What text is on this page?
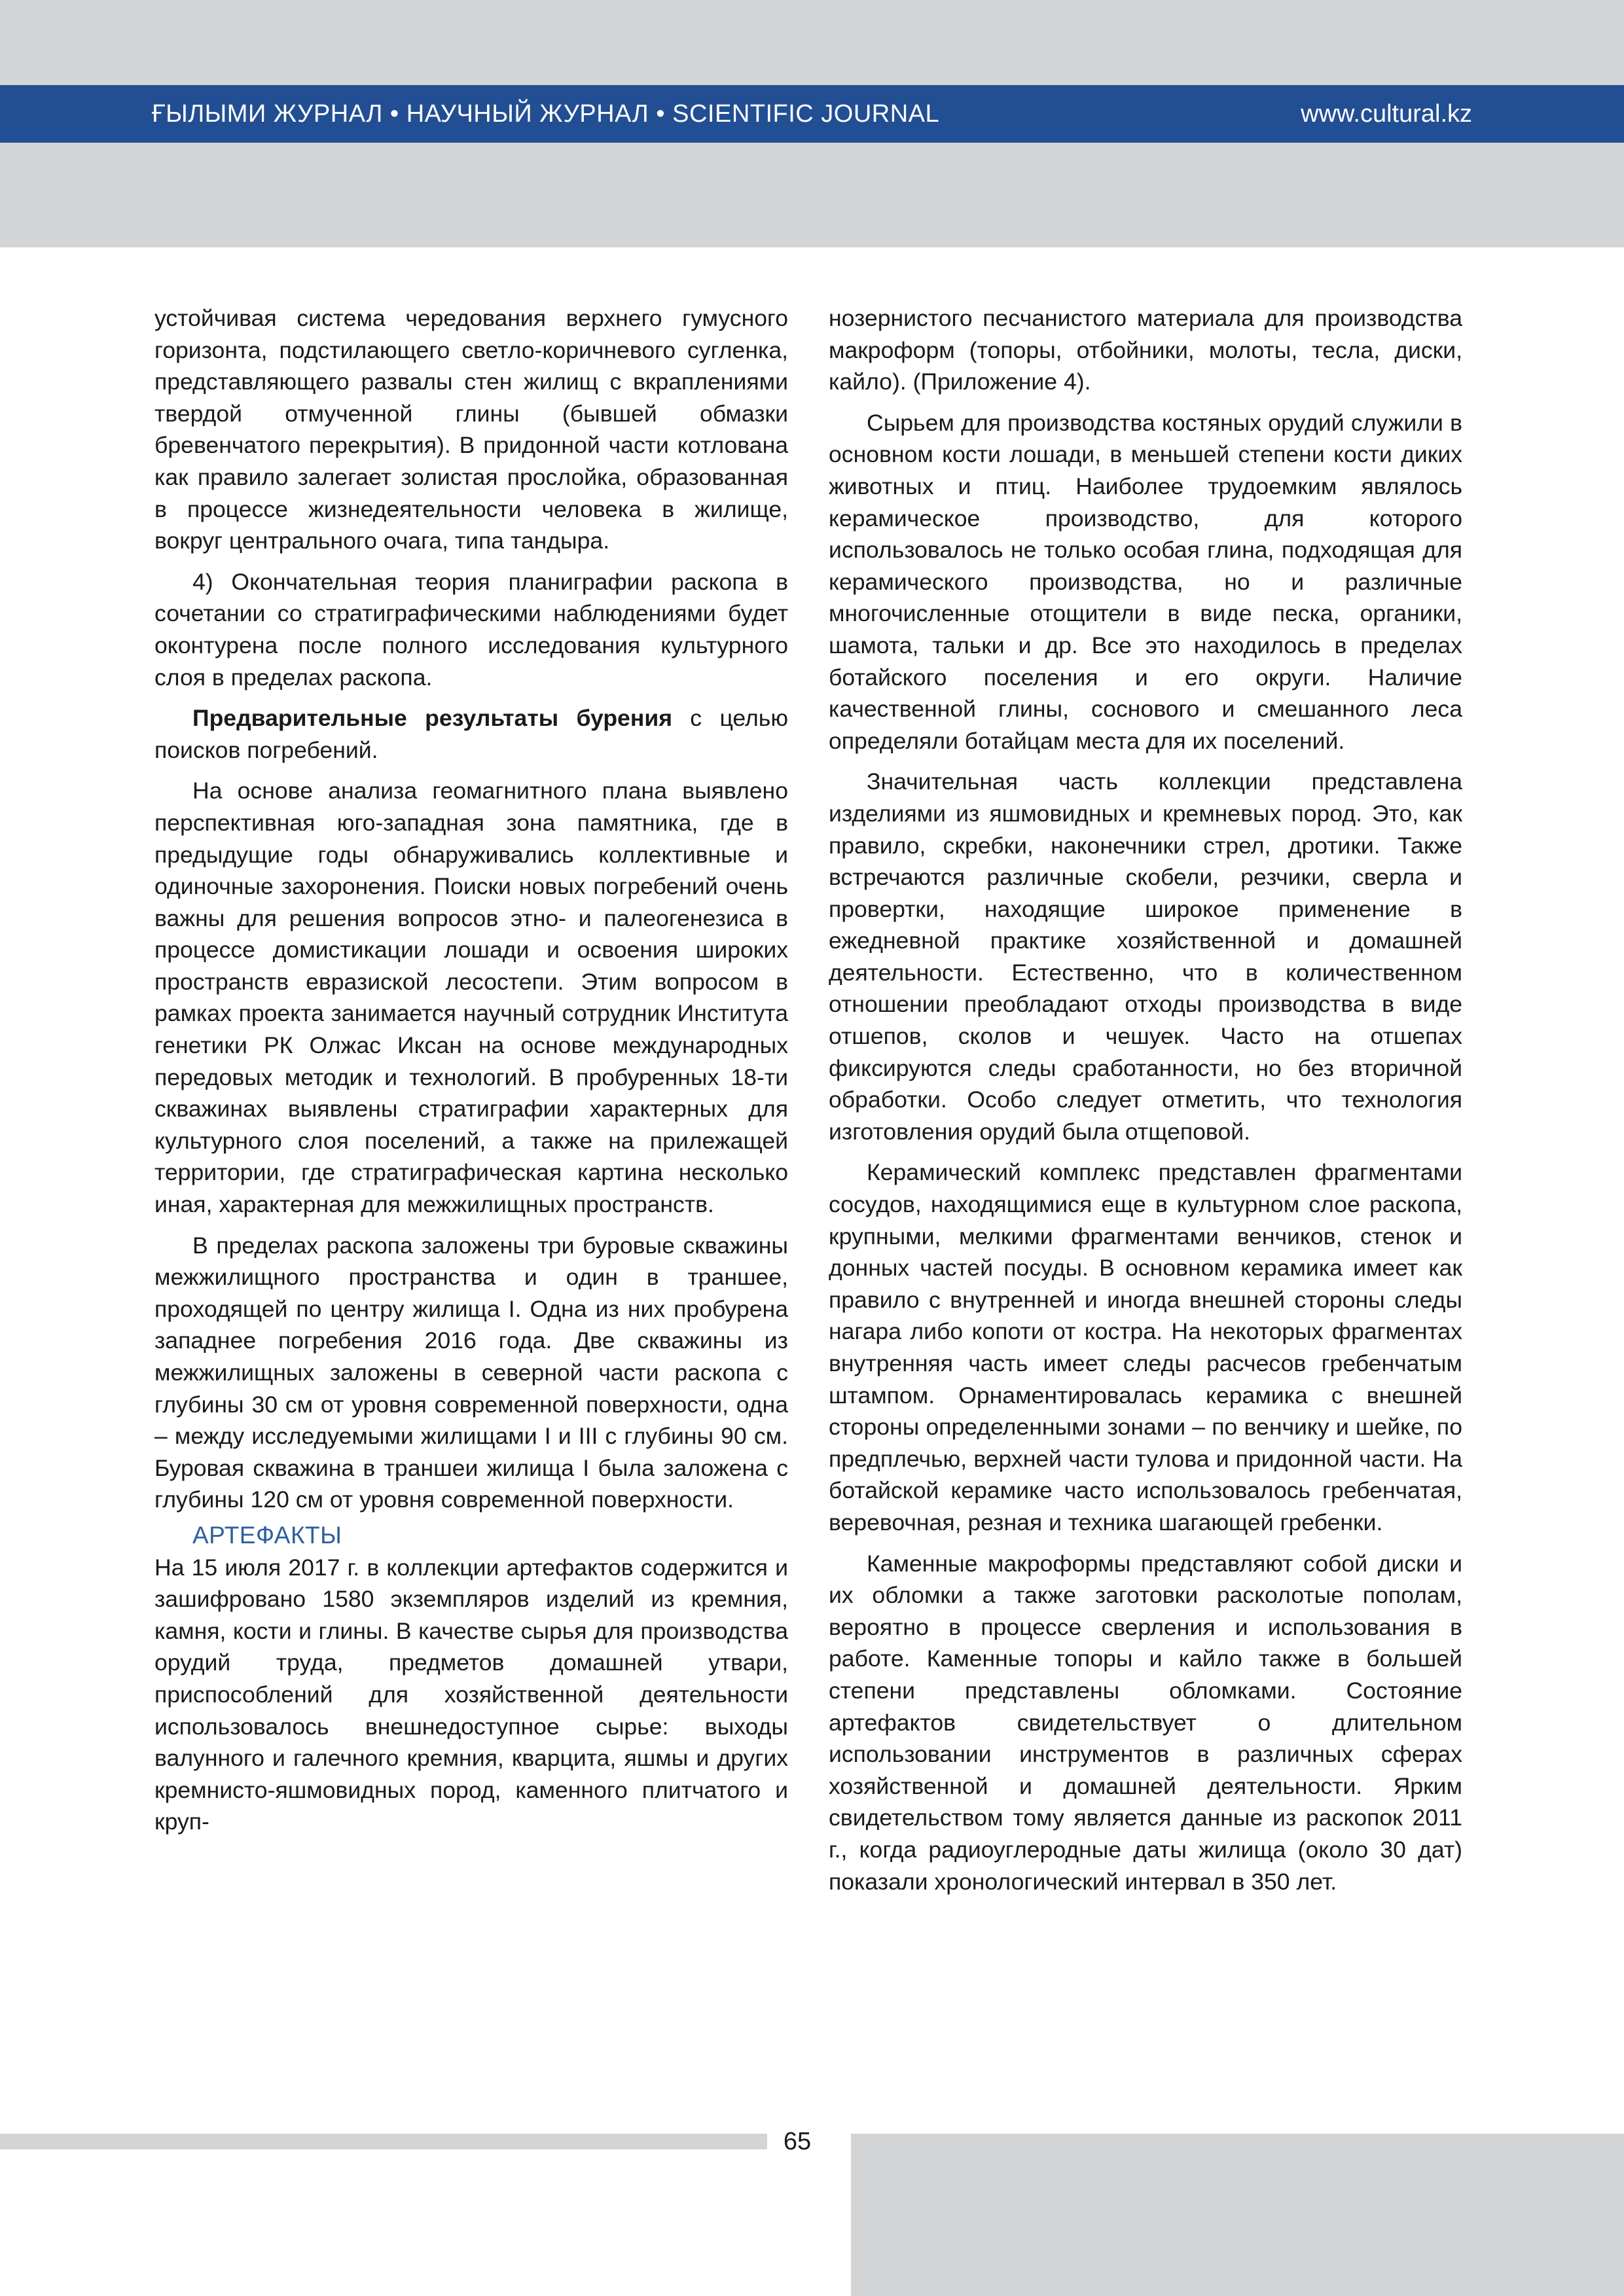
ҒЫЛЫМИ ЖУРНАЛ • НАУЧНЫЙ ЖУРНАЛ • SCIENTIFIC JOURNAL	www.cultural.kz

устойчивая система чередования верхнего гумусного горизонта, подстилающего светло-коричневого сугленка, представляющего развалы стен жилищ с вкраплениями твердой отмученной глины (бывшей обмазки бревенчатого перекрытия). В придонной части котлована как правило залегает золистая прослойка, образованная в процессе жизнедеятельности человека в жилище, вокруг центрального очага, типа тандыра.

4) Окончательная теория планиграфии раскопа в сочетании со стратиграфическими наблюдениями будет оконтурена после полного исследования культурного слоя в пределах раскопа.

Предварительные результаты бурения с целью поисков погребений.

На основе анализа геомагнитного плана выявлено перспективная юго-западная зона памятника, где в предыдущие годы обнаруживались коллективные и одиночные захоронения. Поиски новых погребений очень важны для решения вопросов этно- и палеогенезиса в процессе домистикации лошади и освоения широких пространств евразиской лесостепи. Этим вопросом в рамках проекта занимается научный сотрудник Института генетики РК Олжас Иксан на основе международных передовых методик и технологий. В пробуренных 18-ти скважинах выявлены стратиграфии характерных для культурного слоя поселений, а также на прилежащей территории, где стратиграфическая картина несколько иная, характерная для межжилищных пространств.

В пределах раскопа заложены три буровые скважины межжилищного пространства и один в траншее, проходящей по центру жилища I. Одна из них пробурена западнее погребения 2016 года. Две скважины из межжилищных заложены в северной части раскопа с глубины 30 см от уровня современной поверхности, одна – между исследуемыми жилищами I и III с глубины 90 см. Буровая скважина в траншеи жилища I была заложена с глубины 120 см от уровня современной поверхности.

АРТЕФАКТЫ

На 15 июля 2017 г. в коллекции артефактов содержится и зашифровано 1580 экземпляров изделий из кремния, камня, кости и глины. В качестве сырья для производства орудий труда, предметов домашней утвари, приспособлений для хозяйственной деятельности использовалось внешнедоступное сырье: выходы валунного и галечного кремния, кварцита, яшмы и других кремнисто-яшмовидных пород, каменного плитчатого и круп-

нозернистого песчанистого материала для производства макроформ (топоры, отбойники, молоты, тесла, диски, кайло). (Приложение 4).

Сырьем для производства костяных орудий служили в основном кости лошади, в меньшей степени кости диких животных и птиц. Наиболее трудоемким являлось керамическое производство, для которого использовалось не только особая глина, подходящая для керамического производства, но и различные многочисленные отощители в виде песка, органики, шамота, тальки и др. Все это находилось в пределах ботайского поселения и его округи. Наличие качественной глины, соснового и смешанного леса определяли ботайцам места для их поселений.

Значительная часть коллекции представлена изделиями из яшмовидных и кремневых пород. Это, как правило, скребки, наконечники стрел, дротики. Также встречаются различные скобели, резчики, сверла и провертки, находящие широкое применение в ежедневной практике хозяйственной и домашней деятельности. Естественно, что в количественном отношении преобладают отходы производства в виде отшепов, сколов и чешуек. Часто на отшепах фиксируются следы сработанности, но без вторичной обработки. Особо следует отметить, что технология изготовления орудий была отщеповой.

Керамический комплекс представлен фрагментами сосудов, находящимися еще в культурном слое раскопа, крупными, мелкими фрагментами венчиков, стенок и донных частей посуды. В основном керамика имеет как правило с внутренней и иногда внешней стороны следы нагара либо копоти от костра. На некоторых фрагментах внутренняя часть имеет следы расчесов гребенчатым штампом. Орнаментировалась керамика с внешней стороны определенными зонами – по венчику и шейке, по предплечью, верхней части тулова и придонной части. На ботайской керамике часто использовалось гребенчатая, веревочная, резная и техника шагающей гребенки.

Каменные макроформы представляют собой диски и их обломки а также заготовки расколотые пополам, вероятно в процессе сверления и использования в работе. Каменные топоры и кайло также в большей степени представлены обломками. Состояние артефактов свидетельствует о длительном использовании инструментов в различных сферах хозяйственной и домашней деятельности. Ярким свидетельством тому является данные из раскопок 2011 г., когда радиоуглеродные даты жилища (около 30 дат) показали хронологический интервал в 350 лет.

65
